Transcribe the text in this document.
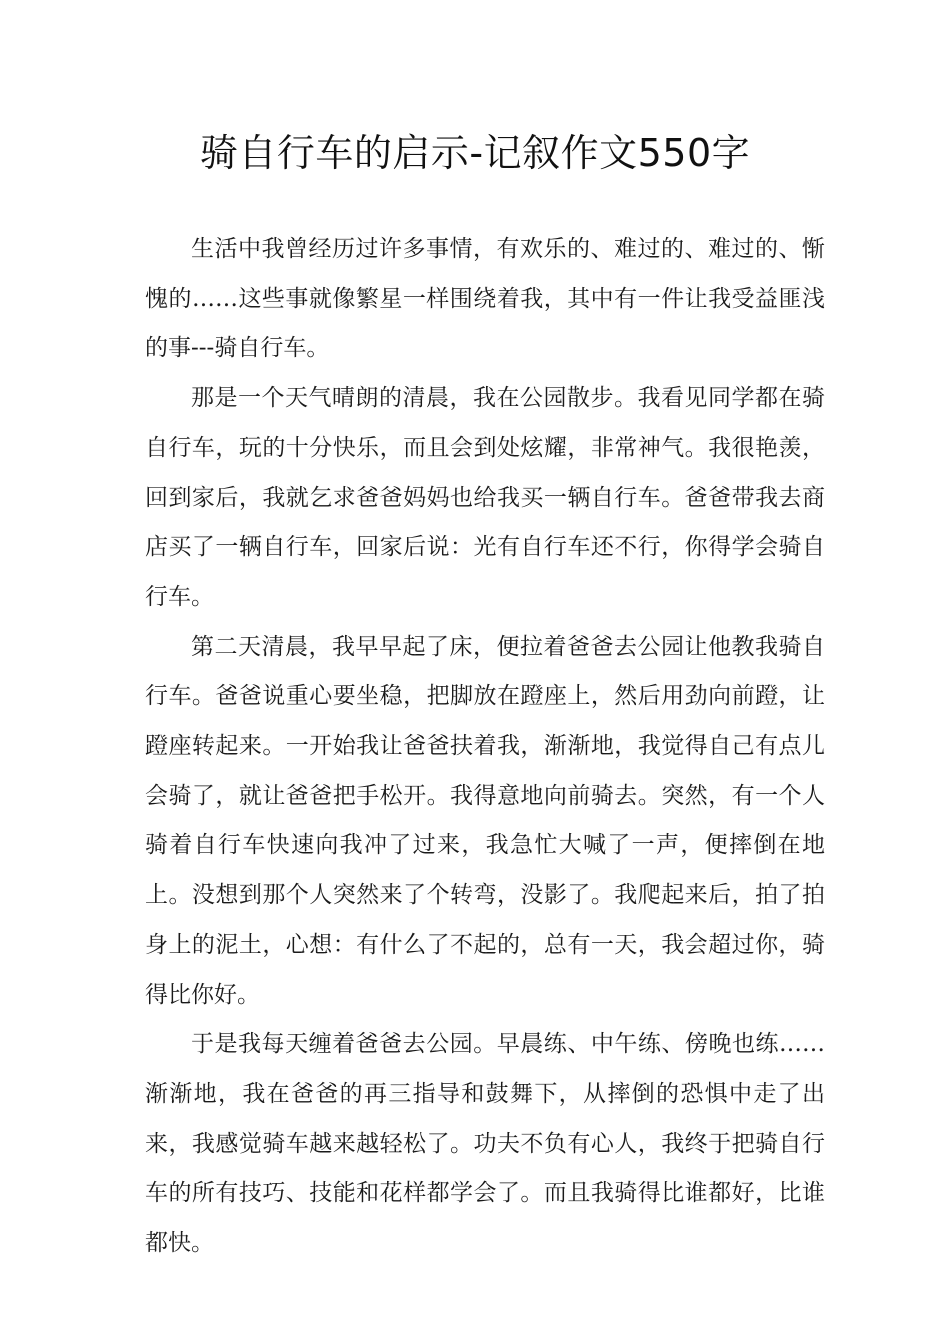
骑自行车的启示-记叙作文550字

生活中我曾经历过许多事情，有欢乐的、难过的、难过的、惭愧的……这些事就像繁星一样围绕着我，其中有一件让我受益匪浅的事---骑自行车。

那是一个天气晴朗的清晨，我在公园散步。我看见同学都在骑自行车，玩的十分快乐，而且会到处炫耀，非常神气。我很艳羡，回到家后，我就乞求爸爸妈妈也给我买一辆自行车。爸爸带我去商店买了一辆自行车，回家后说：光有自行车还不行，你得学会骑自行车。

第二天清晨，我早早起了床，便拉着爸爸去公园让他教我骑自行车。爸爸说重心要坐稳，把脚放在蹬座上，然后用劲向前蹬，让蹬座转起来。一开始我让爸爸扶着我，渐渐地，我觉得自己有点儿会骑了，就让爸爸把手松开。我得意地向前骑去。突然，有一个人骑着自行车快速向我冲了过来，我急忙大喊了一声，便摔倒在地上。没想到那个人突然来了个转弯，没影了。我爬起来后，拍了拍身上的泥土，心想：有什么了不起的，总有一天，我会超过你，骑得比你好。

于是我每天缠着爸爸去公园。早晨练、中午练、傍晚也练……渐渐地，我在爸爸的再三指导和鼓舞下，从摔倒的恐惧中走了出来，我感觉骑车越来越轻松了。功夫不负有心人，我终于把骑自行车的所有技巧、技能和花样都学会了。而且我骑得比谁都好，比谁都快。
